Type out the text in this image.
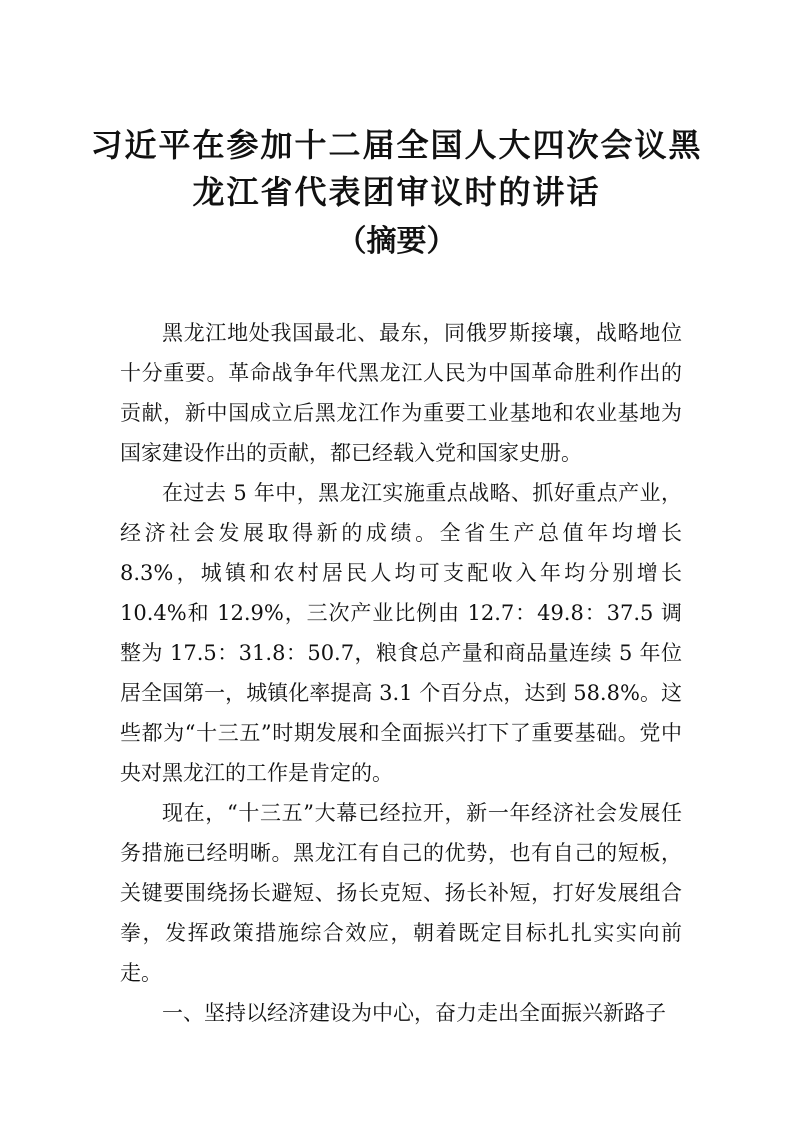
习近平在参加十二届全国人大四次会议黑
龙江省代表团审议时的讲话
（摘要）

黑龙江地处我国最北、最东，同俄罗斯接壤，战略地位十分重要。革命战争年代黑龙江人民为中国革命胜利作出的贡献，新中国成立后黑龙江作为重要工业基地和农业基地为国家建设作出的贡献，都已经载入党和国家史册。

在过去 5 年中，黑龙江实施重点战略、抓好重点产业，经济社会发展取得新的成绩。全省生产总值年均增长 8.3%，城镇和农村居民人均可支配收入年均分别增长 10.4%和 12.9%，三次产业比例由 12.7：49.8：37.5 调整为 17.5：31.8：50.7，粮食总产量和商品量连续 5 年位居全国第一，城镇化率提高 3.1 个百分点，达到 58.8%。这些都为“十三五”时期发展和全面振兴打下了重要基础。党中央对黑龙江的工作是肯定的。

现在，“十三五”大幕已经拉开，新一年经济社会发展任务措施已经明晰。黑龙江有自己的优势，也有自己的短板，关键要围绕扬长避短、扬长克短、扬长补短，打好发展组合拳，发挥政策措施综合效应，朝着既定目标扎扎实实向前走。

一、坚持以经济建设为中心，奋力走出全面振兴新路子
